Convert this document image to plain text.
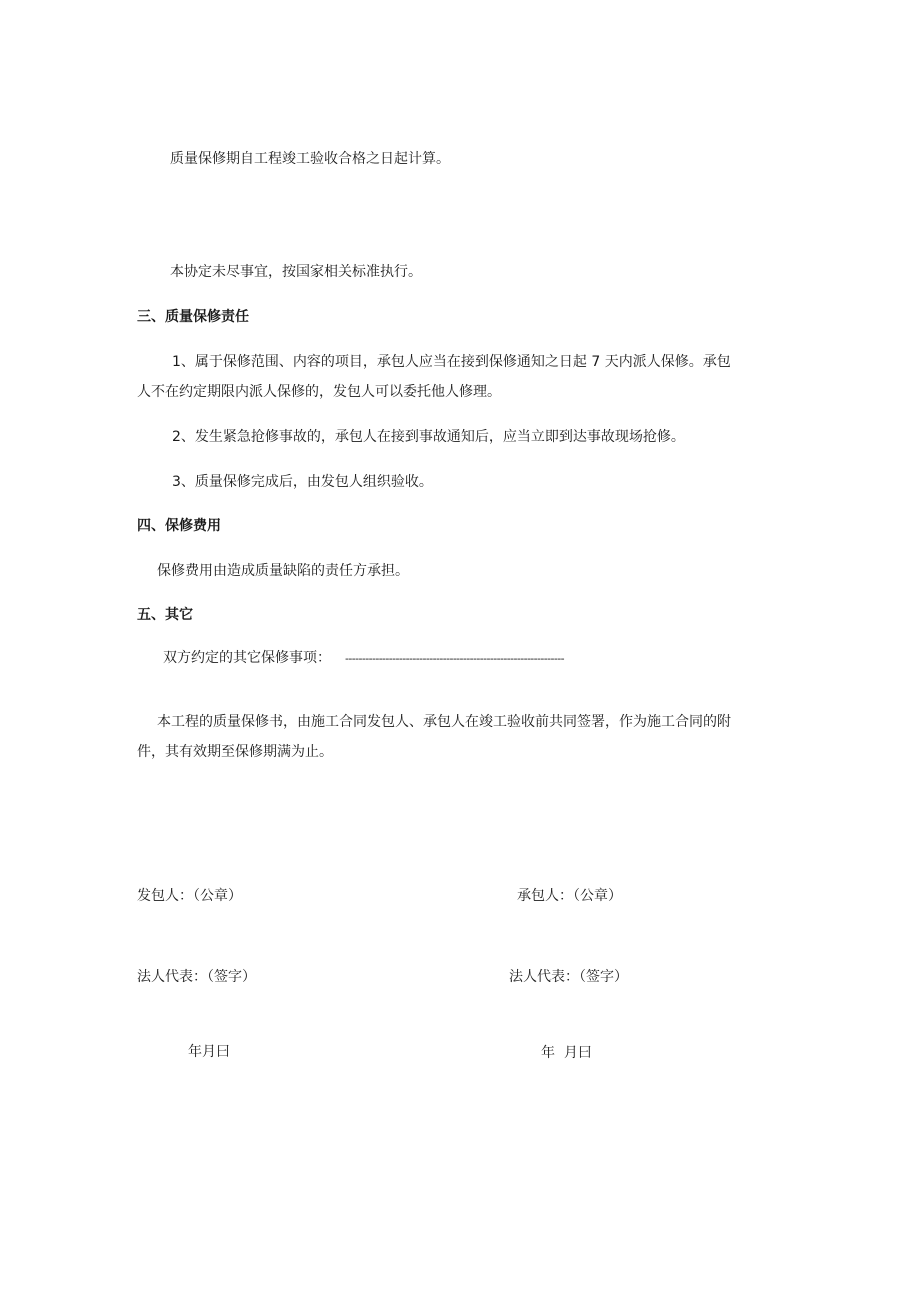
质量保修期自工程竣工验收合格之日起计算。
本协定未尽事宜，按国家相关标准执行。
三、质量保修责任
1、属于保修范围、内容的项目，承包人应当在接到保修通知之日起 7 天内派人保修。承包
人不在约定期限内派人保修的，发包人可以委托他人修理。
2、发生紧急抢修事故的，承包人在接到事故通知后，应当立即到达事故现场抢修。
3、质量保修完成后，由发包人组织验收。
四、保修费用
保修费用由造成质量缺陷的责任方承担。
五、其它
双方约定的其它保修事项： -----------------------------------------------------------------
本工程的质量保修书，由施工合同发包人、承包人在竣工验收前共同签署，作为施工合同的附
件，其有效期至保修期满为止。
发包人：（公章）	承包人：（公章）
法人代表：（签字）	法人代表：（签字）
年月曰	年  月曰
